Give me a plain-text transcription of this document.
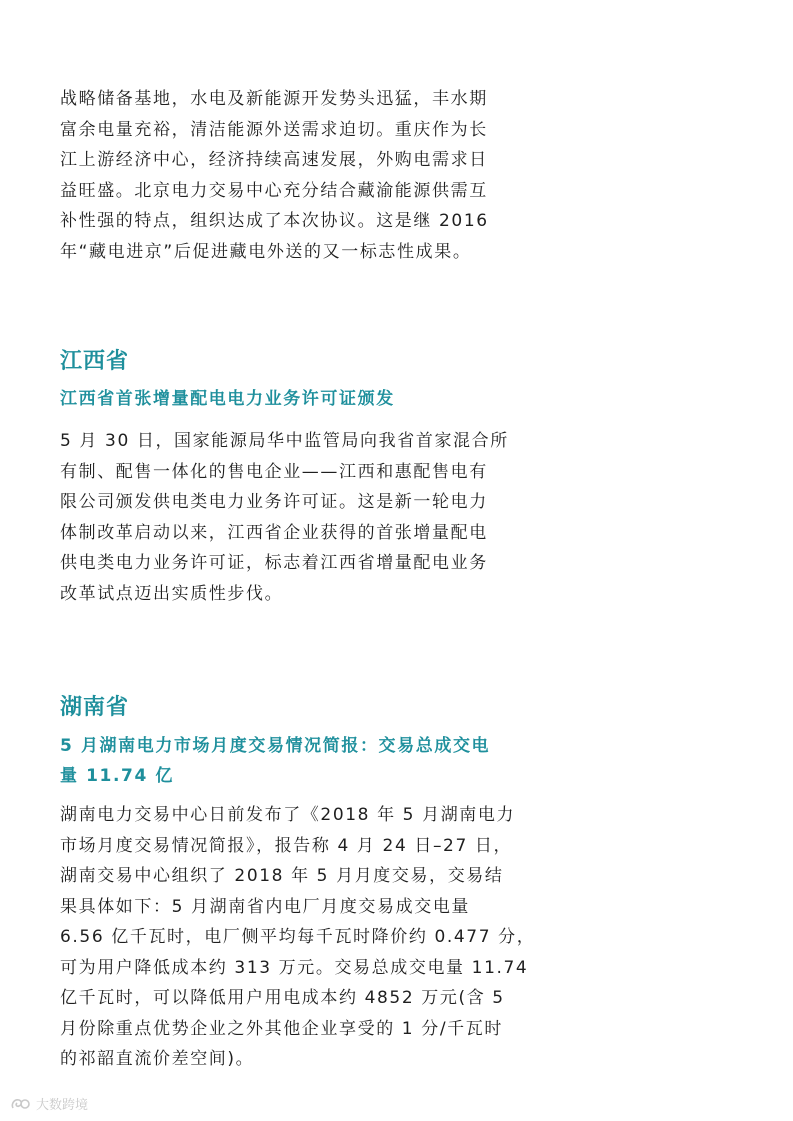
战略储备基地，水电及新能源开发势头迅猛，丰水期
富余电量充裕，清洁能源外送需求迫切。重庆作为长
江上游经济中心，经济持续高速发展，外购电需求日
益旺盛。北京电力交易中心充分结合藏渝能源供需互
补性强的特点，组织达成了本次协议。这是继 2016
年“藏电进京”后促进藏电外送的又一标志性成果。

江西省
江西省首张增量配电电力业务许可证颁发

5 月 30 日，国家能源局华中监管局向我省首家混合所
有制、配售一体化的售电企业——江西和惠配售电有
限公司颁发供电类电力业务许可证。这是新一轮电力
体制改革启动以来，江西省企业获得的首张增量配电
供电类电力业务许可证，标志着江西省增量配电业务
改革试点迈出实质性步伐。

湖南省
5 月湖南电力市场月度交易情况简报：交易总成交电
量 11.74 亿

湖南电力交易中心日前发布了《2018 年 5 月湖南电力
市场月度交易情况简报》，报告称 4 月 24 日–27 日，
湖南交易中心组织了 2018 年 5 月月度交易，交易结
果具体如下：5 月湖南省内电厂月度交易成交电量
6.56 亿千瓦时，电厂侧平均每千瓦时降价约 0.477 分，
可为用户降低成本约 313 万元。交易总成交电量 11.74
亿千瓦时，可以降低用户用电成本约 4852 万元(含 5
月份除重点优势企业之外其他企业享受的 1 分/千瓦时
的祁韶直流价差空间)。

大数跨境
